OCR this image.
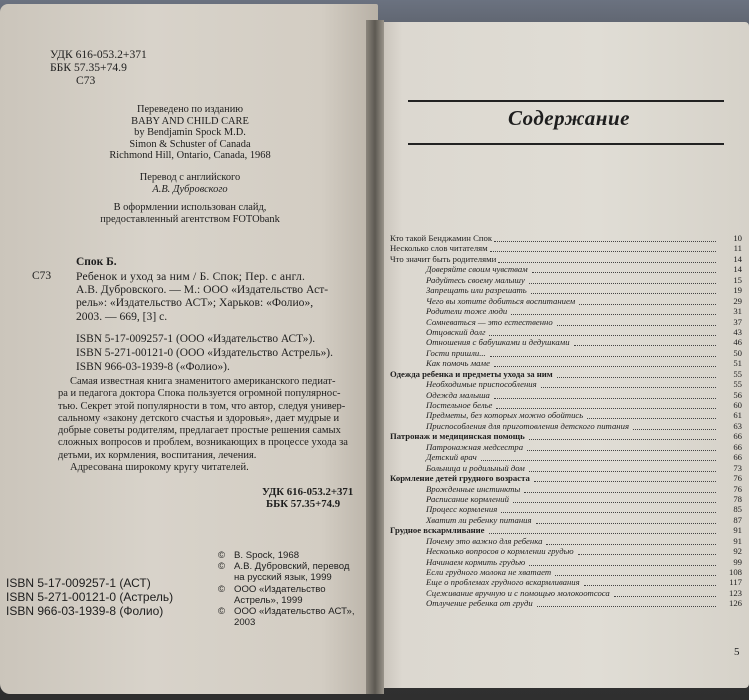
УДК 616-053.2+371
ББК 57.35+74.9
С73
Переведено по изданию
BABY AND CHILD CARE
by Bendjamin Spock M.D.
Simon & Schuster of Canada
Richmond Hill, Ontario, Canada, 1968
Перевод с английского
А.В. Дубровского
В оформлении использован слайд,
предоставленный агентством FOTObank
Спок Б.
С73 Ребенок и уход за ним / Б. Спок; Пер. с англ.
А.В. Дубровского. — М.: ООО «Издательство Аст-
рель»: «Издательство АСТ»; Харьков: «Фолио»,
2003. — 669, [3] с.
ISBN 5-17-009257-1 (ООО «Издательство АСТ»).
ISBN 5-271-00121-0 (ООО «Издательство Астрель»).
ISBN 966-03-1939-8 («Фолио»).
Самая известная книга знаменитого американского педиат-
ра и педагога доктора Спока пользуется огромной популярнос-
тью. Секрет этой популярности в том, что автор, следуя универ-
сальному «закону детского счастья и здоровья», дает мудрые и
добрые советы родителям, предлагает простые решения самых
сложных вопросов и проблем, возникающих в процессе ухода за
детьми, их кормления, воспитания, лечения.
Адресована широкому кругу читателей.
УДК 616-053.2+371
ББК 57.35+74.9
ISBN 5-17-009257-1 (АСТ)
ISBN 5-271-00121-0 (Астрель)
ISBN 966-03-1939-8 (Фолио)
© B. Spock, 1968
© А.В. Дубровский, перевод
на русский язык, 1999
© ООО «Издательство
Астрель», 1999
© ООО «Издательство АСТ»,
2003
Содержание
Кто такой Бенджамин Спок	10
Несколько слов читателям	11
Что значит быть родителями	14
Доверяйте своим чувствам	14
Радуйтесь своему малышу	15
Запрещать или разрешать	19
Чего вы хотите добиться воспитанием	29
Родители тоже люди	31
Сомневаться — это естественно	37
Отцовский долг	43
Отношения с бабушками и дедушками	46
Гости пришли...	50
Как помочь маме	51
Одежда ребенка и предметы ухода за ним	55
Необходимые приспособления	55
Одежда малыша	56
Постельное белье	60
Предметы, без которых можно обойтись	61
Приспособления для приготовления детского питания	63
Патронаж и медицинская помощь	66
Патронажная медсестра	66
Детский врач	66
Больница и родильный дом	73
Кормление детей грудного возраста	76
Врожденные инстинкты	76
Расписание кормлений	78
Процесс кормления	85
Хватит ли ребенку питания	87
Грудное вскармливание	91
Почему это важно для ребенка	91
Несколько вопросов о кормлении грудью	92
Начинаем кормить грудью	99
Если грудного молока не хватает	108
Еще о проблемах грудного вскармливания	117
Сцеживание вручную и с помощью молокоотсоса	123
Отлучение ребенка от груди	126
5
